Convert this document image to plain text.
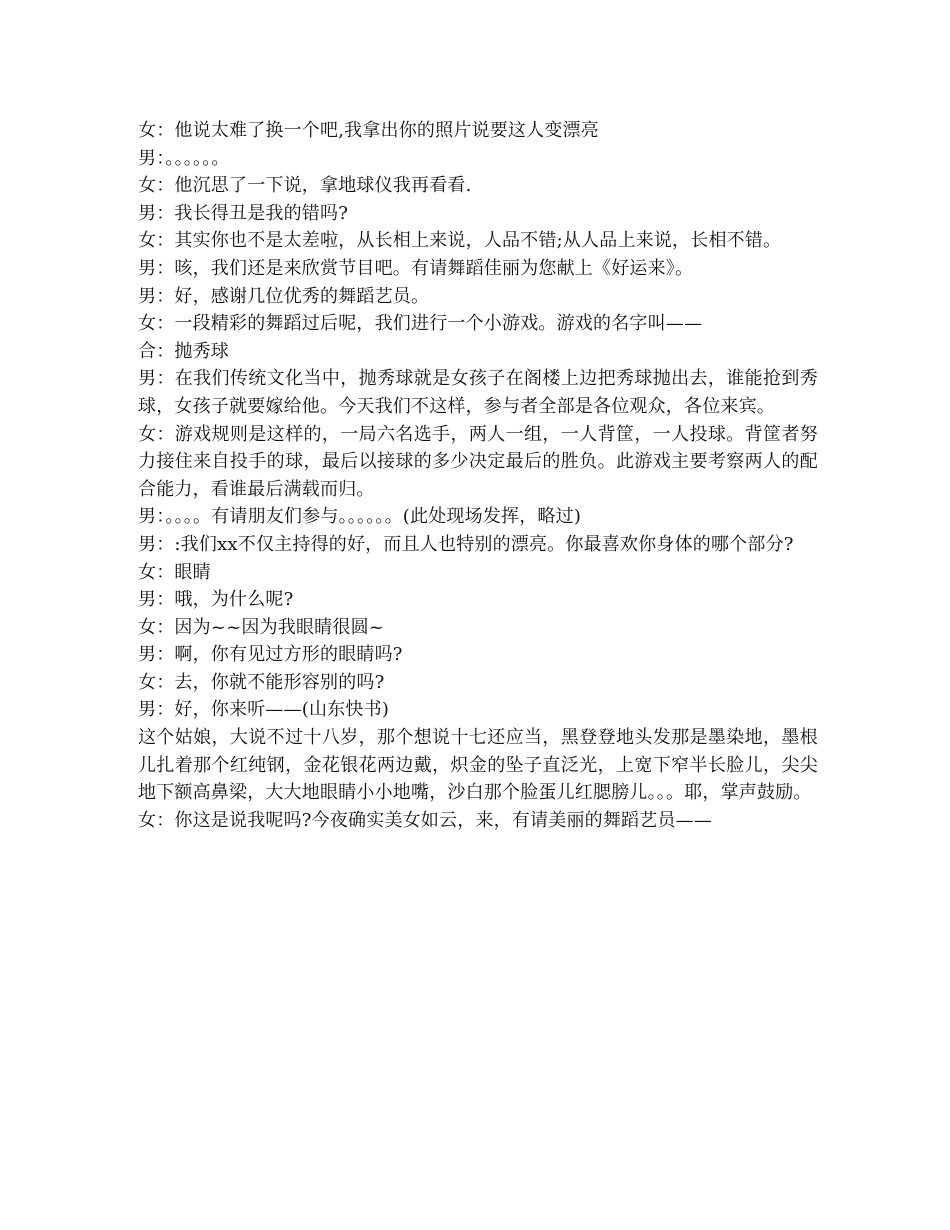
女：他说太难了换一个吧,我拿出你的照片说要这人变漂亮
男：。。。。。。
女：他沉思了一下说，拿地球仪我再看看.
男：我长得丑是我的错吗?
女：其实你也不是太差啦，从长相上来说，人品不错;从人品上来说，长相不错。
男：咳，我们还是来欣赏节目吧。有请舞蹈佳丽为您献上《好运来》。
男：好，感谢几位优秀的舞蹈艺员。
女：一段精彩的舞蹈过后呢，我们进行一个小游戏。游戏的名字叫——
合：抛秀球
男：在我们传统文化当中，抛秀球就是女孩子在阁楼上边把秀球抛出去，谁能抢到秀球，女孩子就要嫁给他。今天我们不这样，参与者全部是各位观众，各位来宾。
女：游戏规则是这样的，一局六名选手，两人一组，一人背筐，一人投球。背筐者努力接住来自投手的球，最后以接球的多少决定最后的胜负。此游戏主要考察两人的配合能力，看谁最后满载而归。
男：。。。。有请朋友们参与。。。。。。(此处现场发挥，略过)
男：:我们xx不仅主持得的好，而且人也特别的漂亮。你最喜欢你身体的哪个部分?
女：眼睛
男：哦，为什么呢?
女：因为~~因为我眼睛很圆~
男：啊，你有见过方形的眼睛吗?
女：去，你就不能形容别的吗?
男：好，你来听——(山东快书)
这个姑娘，大说不过十八岁，那个想说十七还应当，黑登登地头发那是墨染地，墨根儿扎着那个红纯钢，金花银花两边戴，炽金的坠子直泛光，上宽下窄半长脸儿，尖尖地下额高鼻梁，大大地眼睛小小地嘴，沙白那个脸蛋儿红腮膀儿。。。耶，掌声鼓励。
女：你这是说我呢吗?今夜确实美女如云，来，有请美丽的舞蹈艺员——
